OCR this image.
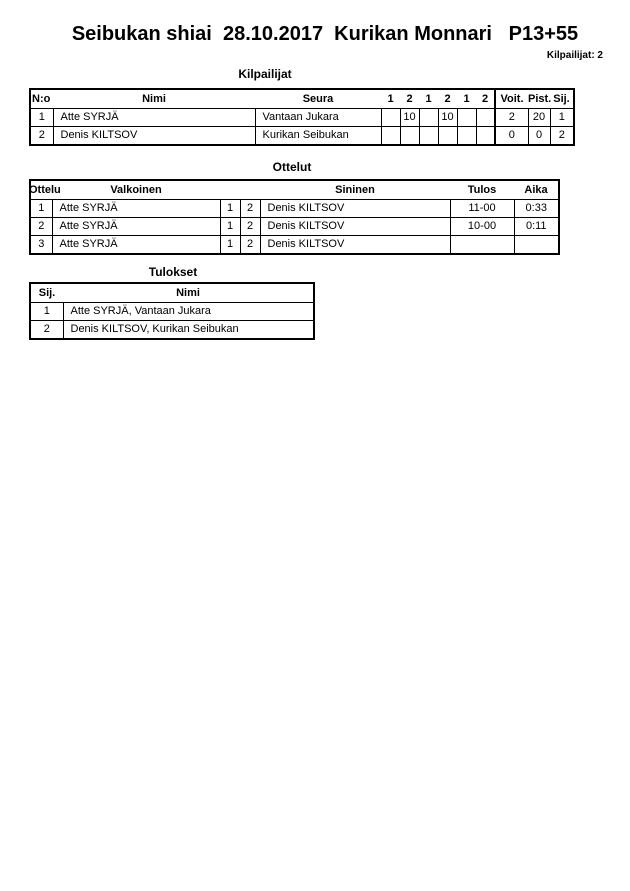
Seibukan shiai  28.10.2017  Kurikan Monnari   P13+55
Kilpailijat: 2
Kilpailijat
N:o	Nimi	Seura	1	2	1	2	1	2	Voit.	Pist.	Sij.
1	Atte SYRJÄ	Vantaan Jukara		10		10			2	20	1
2	Denis KILTSOV	Kurikan Seibukan							0	0	2
Ottelut
Ottelu	Valkoinen			Sininen	Tulos	Aika
1	Atte SYRJÄ	1	2	Denis KILTSOV	11-00	0:33
2	Atte SYRJÄ	1	2	Denis KILTSOV	10-00	0:11
3	Atte SYRJÄ	1	2	Denis KILTSOV		
Tulokset
Sij.	Nimi
1	Atte SYRJÄ, Vantaan Jukara
2	Denis KILTSOV, Kurikan Seibukan
